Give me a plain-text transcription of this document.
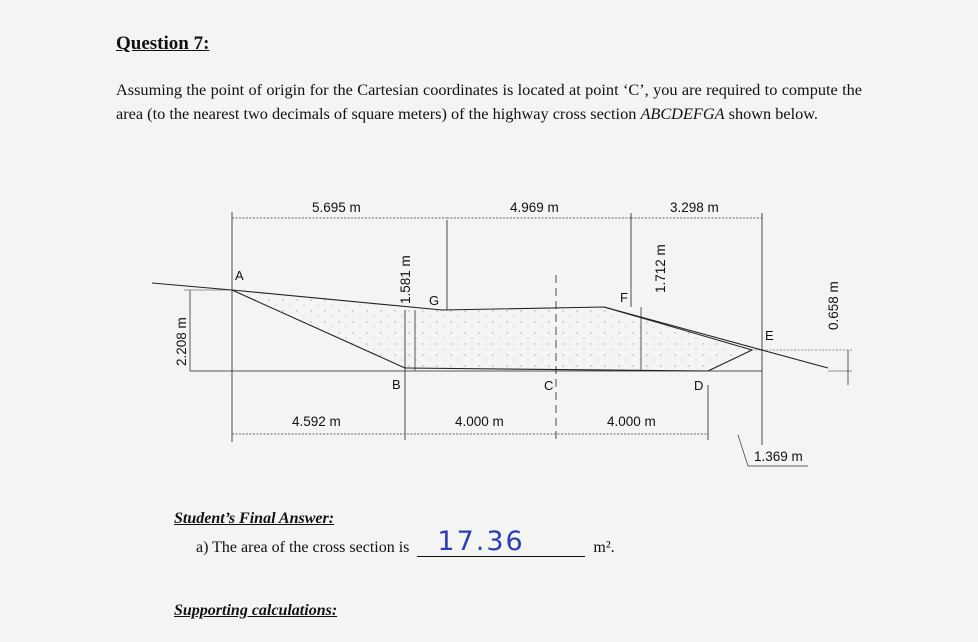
Question 7:

Assuming the point of origin for the Cartesian coordinates is located at point ‘C’, you are required to compute the area (to the nearest two decimals of square meters) of the highway cross section ABCDEFGA shown below.

A
B	C	D
E
F
G
5.695 m	4.969 m	3.298 m
4.592 m	4.000 m	4.000 m
1.369 m
2.208 m
1.581 m	1.712 m
0.658 m
Student’s Final Answer:
a) The area of the cross section is 17.36	m².
Supporting calculations:
